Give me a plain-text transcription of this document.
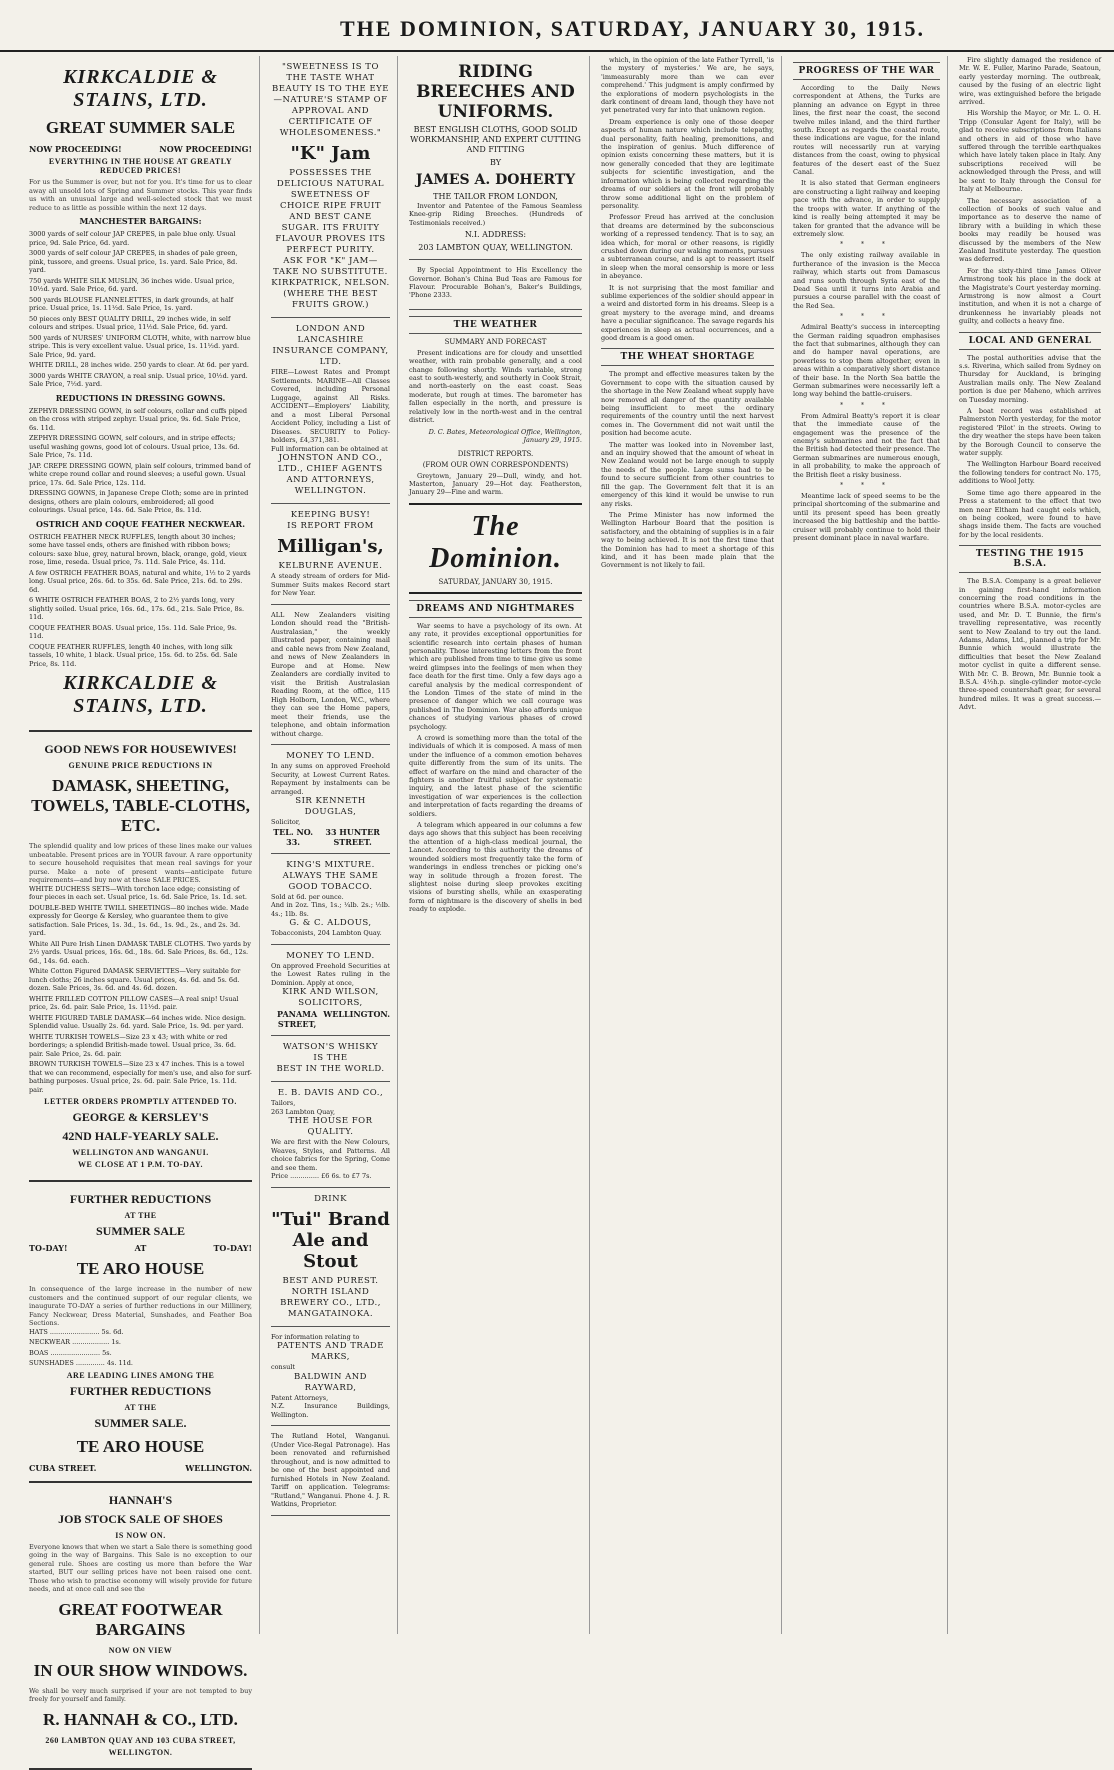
THE DOMINION, SATURDAY, JANUARY 30, 1915.
KIRKCALDIE & STAINS, LTD.
GREAT SUMMER SALE
NOW PROCEEDING!	NOW PROCEEDING!
EVERYTHING IN THE HOUSE AT GREATLY REDUCED PRICES!
For us the Summer is over, but not for you. It's time for us to clear away all unsold lots of Spring and Summer stocks. This year finds us with an unusual large and well-selected stock that we must reduce to as little as possible within the next 12 days.
MANCHESTER BARGAINS:
3000 yards of self colour JAP CREPES, in pale blue only. Usual price, 9d. Sale Price, 6d. yard.
3000 yards of self colour JAP CREPES, in shades of pale green, pink, tussore, and greens. Usual price, 1s. yard. Sale Price, 8d. yard.
750 yards WHITE SILK MUSLIN, 36 inches wide. Usual price, 10½d. yard. Sale Price, 6d. yard.
500 yards BLOUSE FLANNELETTES, in dark grounds, at half price. Usual price, 1s. 11½d. Sale Price, 1s. yard.
50 pieces only BEST QUALITY DRILL, 29 inches wide, in self colours and stripes. Usual price, 11½d. Sale Price, 6d. yard.
500 yards of NURSES' UNIFORM CLOTH, white, with narrow blue stripe. This is very excellent value. Usual price, 1s. 11½d. yard. Sale Price, 9d. yard.
WHITE DRILL, 28 inches wide. 250 yards to clear. At 6d. per yard.
3000 yards WHITE CRAYON, a real snip. Usual price, 10½d. yard. Sale Price, 7½d. yard.
REDUCTIONS IN DRESSING GOWNS.
ZEPHYR DRESSING GOWN, in self colours, collar and cuffs piped on the cross with striped zephyr. Usual price, 9s. 6d. Sale Price, 6s. 11d.
ZEPHYR DRESSING GOWN, self colours, and in stripe effects; useful washing gowns, good lot of colours. Usual price, 13s. 6d. Sale Price, 7s. 11d.
JAP. CREPE DRESSING GOWN, plain self colours, trimmed band of white crepe round collar and round sleeves; a useful gown. Usual price, 17s. 6d. Sale Price, 12s. 11d.
DRESSING GOWNS, in Japanese Crepe Cloth; some are in printed designs, others are plain colours, embroidered; all good colourings. Usual price, 14s. 6d. Sale Price, 8s. 11d.
OSTRICH AND COQUE FEATHER NECKWEAR.
OSTRICH FEATHER NECK RUFFLES, length about 30 inches; some have tassel ends, others are finished with ribbon bows; colours: saxe blue, grey, natural brown, black, orange, gold, vieux rose, lime, reseda. Usual price, 7s. 11d. Sale Price, 4s. 11d.
A few OSTRICH FEATHER BOAS, natural and white, 1½ to 2 yards long. Usual price, 26s. 6d. to 35s. 6d. Sale Price, 21s. 6d. to 29s. 6d.
6 WHITE OSTRICH FEATHER BOAS, 2 to 2½ yards long, very slightly soiled. Usual price, 16s. 6d., 17s. 6d., 21s. Sale Price, 8s. 11d.
COQUE FEATHER BOAS. Usual price, 15s. 11d. Sale Price, 9s. 11d.
COQUE FEATHER RUFFLES, length 40 inches, with long silk tassels, 10 white, 1 black. Usual price, 15s. 6d. to 25s. 6d. Sale Price, 8s. 11d.
KIRKCALDIE & STAINS, LTD.
GOOD NEWS FOR HOUSEWIVES!
GENUINE PRICE REDUCTIONS IN
DAMASK, SHEETING, TOWELS, TABLE-CLOTHS, ETC.
The splendid quality and low prices of these lines make our values unbeatable. Present prices are in YOUR favour. A rare opportunity to secure household requisites that mean real savings for your purse. Make a note of present wants—anticipate future requirements—and buy now at these SALE PRICES.
WHITE DUCHESS SETS—With torchon lace edge; consisting of four pieces in each set. Usual price, 1s. 6d. Sale Price, 1s. 1d. set.
DOUBLE-BED WHITE TWILL SHEETINGS—80 inches wide. Made expressly for George & Kersley, who guarantee them to give satisfaction. Sale Prices, 1s. 3d., 1s. 6d., 1s. 9d., 2s., and 2s. 3d. yard.
White All Pure Irish Linen DAMASK TABLE CLOTHS. Two yards by 2½ yards. Usual prices, 16s. 6d., 18s. 6d. Sale Prices, 8s. 6d., 12s. 6d., 14s. 6d. each.
White Cotton Figured DAMASK SERVIETTES—Very suitable for lunch cloths; 26 inches square. Usual prices, 4s. 6d. and 5s. 6d. dozen. Sale Prices, 3s. 6d. and 4s. 6d. dozen.
WHITE FRILLED COTTON PILLOW CASES—A real snip! Usual price, 2s. 6d. pair. Sale Price, 1s. 11½d. pair.
WHITE FIGURED TABLE DAMASK—64 inches wide. Nice design. Splendid value. Usually 2s. 6d. yard. Sale Price, 1s. 9d. per yard.
WHITE TURKISH TOWELS—Size 23 x 43; with white or red borderings; a splendid British-made towel. Usual price, 3s. 6d. pair. Sale Price, 2s. 6d. pair.
BROWN TURKISH TOWELS—Size 23 x 47 inches. This is a towel that we can recommend, especially for men's use, and also for surf-bathing purposes. Usual price, 2s. 6d. pair. Sale Price, 1s. 11d. pair.
LETTER ORDERS PROMPTLY ATTENDED TO.
GEORGE & KERSLEY'S
42ND HALF-YEARLY SALE.
WELLINGTON AND WANGANUI.
WE CLOSE AT 1 P.M. TO-DAY.
FURTHER REDUCTIONS
AT THE
SUMMER SALE
TO-DAY!	AT	TO-DAY!
TE ARO HOUSE
In consequence of the large increase in the number of new customers and the continued support of our regular clients, we inaugurate TO-DAY a series of further reductions in our Millinery, Fancy Neckwear, Dress Material, Sunshades, and Feather Boa Sections.
HATS ........................ 5s. 6d.
NECKWEAR .................. 1s.
BOAS ........................ 5s.
SUNSHADES .............. 4s. 11d.
ARE LEADING LINES AMONG THE
FURTHER REDUCTIONS
AT THE
SUMMER SALE.
TE ARO HOUSE
CUBA STREET.	WELLINGTON.
HANNAH'S
JOB STOCK SALE OF SHOES
IS NOW ON.
Everyone knows that when we start a Sale there is something good going in the way of Bargains. This Sale is no exception to our general rule. Shoes are costing us more than before the War started, BUT our selling prices have not been raised one cent. Those who wish to practise economy will wisely provide for future needs, and at once call and see the
GREAT FOOTWEAR BARGAINS
NOW ON VIEW
IN OUR SHOW WINDOWS.
We shall be very much surprised if your are not tempted to buy freely for yourself and family.
R. HANNAH & CO., LTD.
260 LAMBTON QUAY AND 103 CUBA STREET,
WELLINGTON.
"SWEETNESS IS TO THE TASTE WHAT BEAUTY IS TO THE EYE—NATURE'S STAMP OF APPROVAL AND CERTIFICATE OF WHOLESOMENESS."
"K" Jam
POSSESSES THE DELICIOUS NATURAL SWEETNESS OF CHOICE RIPE FRUIT AND BEST CANE SUGAR. ITS FRUITY FLAVOUR PROVES ITS PERFECT PURITY.
ASK FOR "K" JAM—
TAKE NO SUBSTITUTE.
KIRKPATRICK, NELSON.
(WHERE THE BEST FRUITS GROW.)
LONDON AND LANCASHIRE INSURANCE COMPANY, LTD.
FIRE—Lowest Rates and Prompt Settlements. MARINE—All Classes Covered, including Personal Luggage, against All Risks. ACCIDENT—Employers' Liability, and a most Liberal Personal Accident Policy, including a List of Diseases. SECURITY to Policy-holders, £4,371,381.
Full information can be obtained at
JOHNSTON AND CO., LTD., CHIEF AGENTS AND ATTORNEYS, WELLINGTON.
KEEPING BUSY!
IS REPORT FROM
Milligan's,
KELBURNE AVENUE.
A steady stream of orders for Mid-Summer Suits makes Record start for New Year.
ALL New Zealanders visiting London should read the "British-Australasian," the weekly illustrated paper, containing mail and cable news from New Zealand, and news of New Zealanders in Europe and at Home. New Zealanders are cordially invited to visit the British Australasian Reading Room, at the office, 115 High Holborn, London, W.C., where they can see the Home papers, meet their friends, use the telephone, and obtain information without charge.
MONEY TO LEND.
In any sums on approved Freehold Security, at Lowest Current Rates. Repayment by instalments can be arranged.
SIR KENNETH DOUGLAS,
Solicitor,
TEL. NO. 33.
33 HUNTER STREET.
KING'S MIXTURE.
ALWAYS THE SAME GOOD TOBACCO.
Sold at 6d. per ounce.
And in 2oz. Tins, 1s.; ¼lb. 2s.; ½lb. 4s.; 1lb. 8s.
G. & C. ALDOUS,
Tobacconists, 204 Lambton Quay.
MONEY TO LEND.
On approved Freehold Securities at the Lowest Rates ruling in the Dominion. Apply at once,
KIRK AND WILSON, SOLICITORS,
PANAMA STREET,
WELLINGTON.
WATSON'S WHISKY
IS THE
BEST IN THE WORLD.
E. B. DAVIS AND CO.,
Tailors,
263 Lambton Quay,
THE HOUSE FOR QUALITY.
We are first with the New Colours, Weaves, Styles, and Patterns. All choice fabrics for the Spring, Come and see them.
Price .............. £6 6s. to £7 7s.
DRINK
"Tui" Brand Ale and Stout
BEST AND PUREST.
NORTH ISLAND BREWERY CO., LTD.,
MANGATAINOKA.
For information relating to
PATENTS AND TRADE MARKS,
consult
BALDWIN AND RAYWARD,
Patent Attorneys,
N.Z. Insurance Buildings, Wellington.
The Rutland Hotel, Wanganui. (Under Vice-Regal Patronage). Has been renovated and refurnished throughout, and is now admitted to be one of the best appointed and furnished Hotels in New Zealand. Tariff on application. Telegrams: "Rutland," Wanganui. Phone 4. J. R. Watkins, Proprietor.
RIDING BREECHES AND UNIFORMS.
BEST ENGLISH CLOTHS, GOOD SOLID WORKMANSHIP, AND EXPERT CUTTING AND FITTING
BY
JAMES A. DOHERTY
THE TAILOR FROM LONDON,
Inventor and Patentee of the Famous Seamless Knee-grip Riding Breeches. (Hundreds of Testimonials received.)
N.I. ADDRESS:
203 LAMBTON QUAY, WELLINGTON.
By Special Appointment to His Excellency the Governor. Bohan's China Bud Teas are Famous for Flavour. Procurable Bohan's, Baker's Buildings, 'Phone 2333.
THE WEATHER
SUMMARY AND FORECAST
Present indications are for cloudy and unsettled weather, with rain probable generally, and a cool change following shortly. Winds variable, strong east to south-westerly, and southerly in Cook Strait, and north-easterly on the east coast. Seas moderate, but rough at times. The barometer has fallen especially in the north, and pressure is relatively low in the north-west and in the central district.
D. C. Bates, Meteorological Office, Wellington, January 29, 1915.
DISTRICT REPORTS.
(FROM OUR OWN CORRESPONDENTS)
Greytown, January 29—Dull, windy, and hot. Masterton, January 29—Hot day. Featherston, January 29—Fine and warm.
The Dominion.
SATURDAY, JANUARY 30, 1915.
DREAMS AND NIGHTMARES
War seems to have a psychology of its own. At any rate, it provides exceptional opportunities for scientific research into certain phases of human personality. Those interesting letters from the front which are published from time to time give us some weird glimpses into the feelings of men when they face death for the first time. Only a few days ago a careful analysis by the medical correspondent of the London Times of the state of mind in the presence of danger which we call courage was published in The Dominion. War also affords unique chances of studying various phases of crowd psychology.
A crowd is something more than the total of the individuals of which it is composed. A mass of men under the influence of a common emotion behaves quite differently from the sum of its units. The effect of warfare on the mind and character of the fighters is another fruitful subject for systematic inquiry, and the latest phase of the scientific investigation of war experiences is the collection and interpretation of facts regarding the dreams of soldiers.
A telegram which appeared in our columns a few days ago shows that this subject has been receiving the attention of a high-class medical journal, the Lancet. According to this authority the dreams of wounded soldiers most frequently take the form of wanderings in endless trenches or picking one's way in solitude through a frozen forest. The slightest noise during sleep provokes exciting visions of bursting shells, while an exasperating form of nightmare is the discovery of shells in bed ready to explode.
which, in the opinion of the late Father Tyrrell, 'is the mystery of mysteries.' We are, he says, 'immeasurably more than we can ever comprehend.' This judgment is amply confirmed by the explorations of modern psychologists in the dark continent of dream land, though they have not yet penetrated very far into that unknown region.
Dream experience is only one of those deeper aspects of human nature which include telepathy, dual personality, faith healing, premonitions, and the inspiration of genius. Much difference of opinion exists concerning these matters, but it is now generally conceded that they are legitimate subjects for scientific investigation, and the information which is being collected regarding the dreams of our soldiers at the front will probably throw some additional light on the problem of personality.
Professor Freud has arrived at the conclusion that dreams are determined by the subconscious working of a repressed tendency. That is to say, an idea which, for moral or other reasons, is rigidly crushed down during our waking moments, pursues a subterranean course, and is apt to reassert itself in sleep when the moral censorship is more or less in abeyance.
It is not surprising that the most familiar and sublime experiences of the soldier should appear in a weird and distorted form in his dreams. Sleep is a great mystery to the average mind, and dreams have a peculiar significance. The savage regards his experiences in sleep as actual occurrences, and a good dream is a good omen.
THE WHEAT SHORTAGE
The prompt and effective measures taken by the Government to cope with the situation caused by the shortage in the New Zealand wheat supply have now removed all danger of the quantity available being insufficient to meet the ordinary requirements of the country until the next harvest comes in. The Government did not wait until the position had become acute.
The matter was looked into in November last, and an inquiry showed that the amount of wheat in New Zealand would not be large enough to supply the needs of the people. Large sums had to be found to secure sufficient from other countries to fill the gap. The Government felt that it is an emergency of this kind it would be unwise to run any risks.
The Prime Minister has now informed the Wellington Harbour Board that the position is satisfactory, and the obtaining of supplies is in a fair way to being achieved. It is not the first time that the Dominion has had to meet a shortage of this kind, and it has been made plain that the Government is not likely to fail.
PROGRESS OF THE WAR
According to the Daily News correspondent at Athens, the Turks are planning an advance on Egypt in three lines, the first near the coast, the second twelve miles inland, and the third further south. Except as regards the coastal route, these indications are vague, for the inland routes will necessarily run at varying distances from the coast, owing to physical features of the desert east of the Suez Canal.
It is also stated that German engineers are constructing a light railway and keeping pace with the advance, in order to supply the troops with water. If anything of the kind is really being attempted it may be taken for granted that the advance will be extremely slow.
* * *
The only existing railway available in furtherance of the invasion is the Mecca railway, which starts out from Damascus and runs south through Syria east of the Dead Sea until it turns into Arabia and pursues a course parallel with the coast of the Red Sea.
* * *
Admiral Beatty's success in intercepting the German raiding squadron emphasises the fact that submarines, although they can and do hamper naval operations, are powerless to stop them altogether, even in areas within a comparatively short distance of their base. In the North Sea battle the German submarines were necessarily left a long way behind the battle-cruisers.
* * *
From Admiral Beatty's report it is clear that the immediate cause of the engagement was the presence of the enemy's submarines and not the fact that the British had detected their presence. The German submarines are numerous enough, in all probability, to make the approach of the British fleet a risky business.
* * *
Meantime lack of speed seems to be the principal shortcoming of the submarine and until its present speed has been greatly increased the big battleship and the battle-cruiser will probably continue to hold their present dominant place in naval warfare.
Fire slightly damaged the residence of Mr. W. E. Fuller, Marino Parade, Seatoun, early yesterday morning. The outbreak, caused by the fusing of an electric light wire, was extinguished before the brigade arrived.
His Worship the Mayor, or Mr. L. O. H. Tripp (Consular Agent for Italy), will be glad to receive subscriptions from Italians and others in aid of those who have suffered through the terrible earthquakes which have lately taken place in Italy. Any subscriptions received will be acknowledged through the Press, and will be sent to Italy through the Consul for Italy at Melbourne.
The necessary association of a collection of books of such value and importance as to deserve the name of library with a building in which these books may readily be housed was discussed by the members of the New Zealand Institute yesterday. The question was deferred.
For the sixty-third time James Oliver Armstrong took his place in the dock at the Magistrate's Court yesterday morning. Armstrong is now almost a Court institution, and when it is not a charge of drunkenness he invariably pleads not guilty, and collects a heavy fine.
LOCAL AND GENERAL
The postal authorities advise that the s.s. Riverina, which sailed from Sydney on Thursday for Auckland, is bringing Australian mails only. The New Zealand portion is due per Maheno, which arrives on Tuesday morning.
A boat record was established at Palmerston North yesterday, for the motor registered 'Pilot' in the streets. Owing to the dry weather the steps have been taken by the Borough Council to conserve the water supply.
The Wellington Harbour Board received the following tenders for contract No. 175, additions to Wool Jetty.
Some time ago there appeared in the Press a statement to the effect that two men near Eltham had caught eels which, on being cooked, were found to have shags inside them. The facts are vouched for by the local residents.
TESTING THE 1915 B.S.A.
The B.S.A. Company is a great believer in gaining first-hand information concerning the road conditions in the countries where B.S.A. motor-cycles are used, and Mr. D. T. Bunnie, the firm's travelling representative, was recently sent to New Zealand to try out the land. Adams, Adams, Ltd., planned a trip for Mr. Bunnie which would illustrate the difficulties that beset the New Zealand motor cyclist in quite a different sense. With Mr. C. B. Brown, Mr. Bunnie took a B.S.A. 4½h.p. single-cylinder motor-cycle three-speed countershaft gear, for several hundred miles. It was a great success.—Advt.
